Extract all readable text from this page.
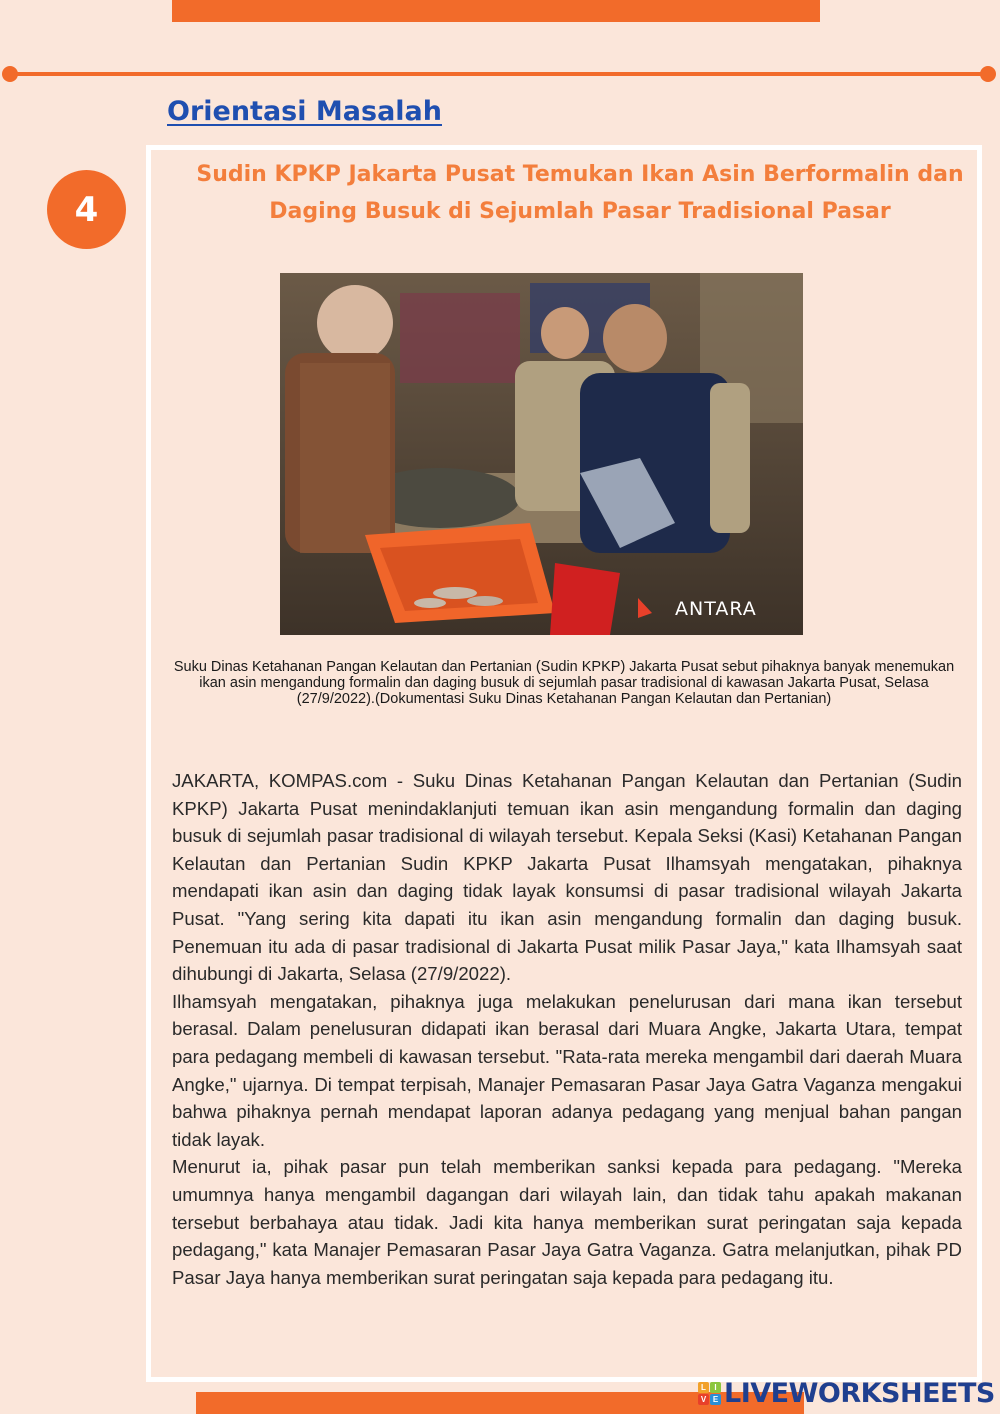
Orientasi Masalah
4
Sudin KPKP Jakarta Pusat Temukan Ikan Asin Berformalin dan Daging Busuk di Sejumlah Pasar Tradisional Pasar
ANTARA

Suku Dinas Ketahanan Pangan Kelautan dan Pertanian (Sudin KPKP) Jakarta Pusat sebut pihaknya banyak menemukan ikan asin mengandung formalin dan daging busuk di sejumlah pasar tradisional di kawasan Jakarta Pusat, Selasa (27/9/2022).(Dokumentasi Suku Dinas Ketahanan Pangan Kelautan dan Pertanian)

JAKARTA, KOMPAS.com - Suku Dinas Ketahanan Pangan Kelautan dan Pertanian (Sudin KPKP) Jakarta Pusat menindaklanjuti temuan ikan asin mengandung formalin dan daging busuk di sejumlah pasar tradisional di wilayah tersebut. Kepala Seksi (Kasi) Ketahanan Pangan Kelautan dan Pertanian Sudin KPKP Jakarta Pusat Ilhamsyah mengatakan, pihaknya mendapati ikan asin dan daging tidak layak konsumsi di pasar tradisional wilayah Jakarta Pusat. "Yang sering kita dapati itu ikan asin mengandung formalin dan daging busuk. Penemuan itu ada di pasar tradisional di Jakarta Pusat milik Pasar Jaya," kata Ilhamsyah saat dihubungi di Jakarta, Selasa (27/9/2022).

Ilhamsyah mengatakan, pihaknya juga melakukan penelurusan dari mana ikan tersebut berasal. Dalam penelusuran didapati ikan berasal dari Muara Angke, Jakarta Utara, tempat para pedagang membeli di kawasan tersebut. "Rata-rata mereka mengambil dari daerah Muara Angke," ujarnya. Di tempat terpisah, Manajer Pemasaran Pasar Jaya Gatra Vaganza mengakui bahwa pihaknya pernah mendapat laporan adanya pedagang yang menjual bahan pangan tidak layak.

Menurut ia, pihak pasar pun telah memberikan sanksi kepada para pedagang. "Mereka umumnya hanya mengambil dagangan dari wilayah lain, dan tidak tahu apakah makanan tersebut berbahaya atau tidak. Jadi kita hanya memberikan surat peringatan saja kepada pedagang," kata Manajer Pemasaran Pasar Jaya Gatra Vaganza. Gatra melanjutkan, pihak PD Pasar Jaya hanya memberikan surat peringatan saja kepada para pedagang itu.

L	I
V E LIVEWORKSHEETS
